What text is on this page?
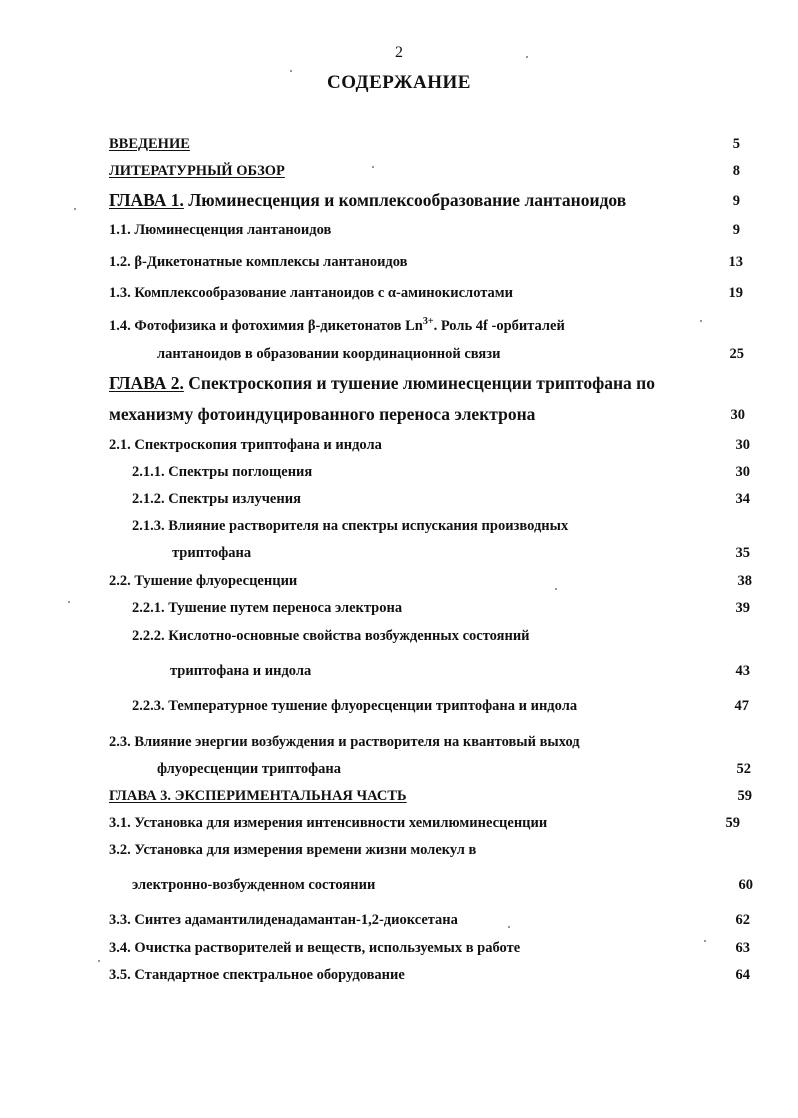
2
СОДЕРЖАНИЕ
ВВЕДЕНИЕ	5
ЛИТЕРАТУРНЫЙ ОБЗОР	8
ГЛАВА 1. Люминесценция и комплексообразование лантаноидов	9
1.1. Люминесценция лантаноидов	9
1.2. β-Дикетонатные комплексы лантаноидов	13
1.3. Комплексообразование лантаноидов с α-аминокислотами	19
1.4. Фотофизика и фотохимия β-дикетонатов $Ln^{3+}$. Роль 4f -орбиталей
лантаноидов в образовании координационной связи	25
ГЛАВА 2. Спектроскопия и тушение люминесценции триптофана по
механизму фотоиндуцированного переноса электрона	30
2.1. Спектроскопия триптофана и индола	30
2.1.1. Спектры поглощения	30
2.1.2. Спектры излучения	34
2.1.3. Влияние растворителя на спектры испускания производных
триптофана	35
2.2. Тушение флуоресценции	38
2.2.1. Тушение путем переноса электрона	39
2.2.2. Кислотно-основные свойства возбужденных состояний
триптофана и индола	43
2.2.3. Температурное тушение флуоресценции триптофана и индола	47
2.3. Влияние энергии возбуждения и растворителя на квантовый выход
флуоресценции триптофана	52
ГЛАВА 3. ЭКСПЕРИМЕНТАЛЬНАЯ ЧАСТЬ	59
3.1. Установка для измерения интенсивности хемилюминесценции	59
3.2. Установка для измерения времени жизни молекул в
электронно-возбужденном состоянии	60
3.3. Синтез адамантилиденадамантан-1,2-диоксетана	62
3.4. Очистка растворителей и веществ, используемых в работе	63
3.5. Стандартное спектральное оборудование	64
